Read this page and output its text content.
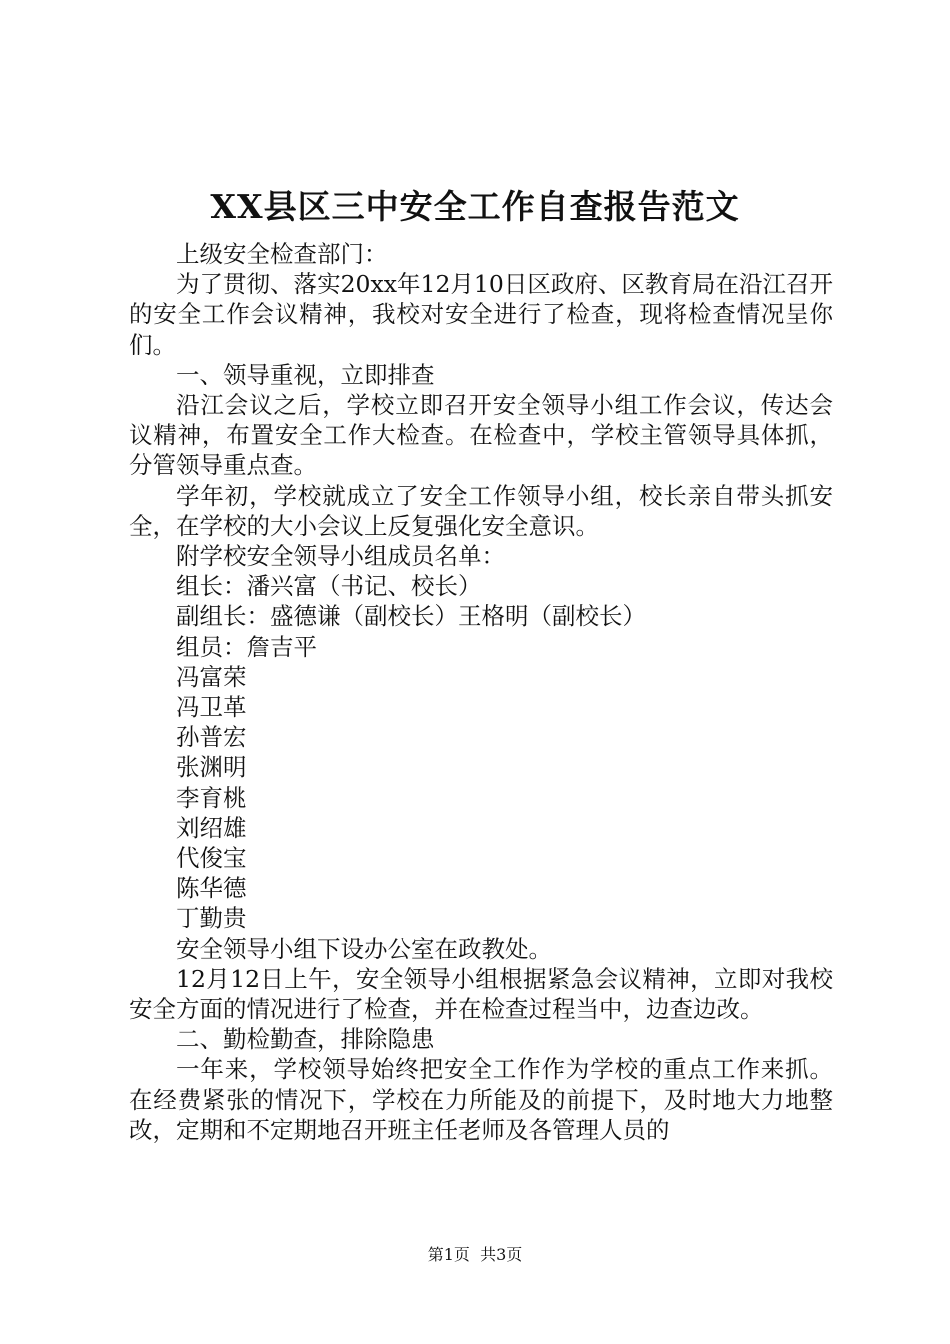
XX县区三中安全工作自查报告范文

上级安全检查部门：

为了贯彻、落实20xx年12月10日区政府、区教育局在沿江召开的安全工作会议精神，我校对安全进行了检查，现将检查情况呈你们。

一、领导重视，立即排查

沿江会议之后，学校立即召开安全领导小组工作会议，传达会议精神，布置安全工作大检查。在检查中，学校主管领导具体抓，分管领导重点查。

学年初，学校就成立了安全工作领导小组，校长亲自带头抓安全，在学校的大小会议上反复强化安全意识。

附学校安全领导小组成员名单：

组长：潘兴富（书记、校长）

副组长：盛德谦（副校长）王格明（副校长）

组员：詹吉平

冯富荣

冯卫革

孙普宏

张渊明

李育桃

刘绍雄

代俊宝

陈华德

丁勤贵

安全领导小组下设办公室在政教处。

12月12日上午，安全领导小组根据紧急会议精神，立即对我校安全方面的情况进行了检查，并在检查过程当中，边查边改。

二、勤检勤查，排除隐患

一年来，学校领导始终把安全工作作为学校的重点工作来抓。在经费紧张的情况下，学校在力所能及的前提下，及时地大力地整改，定期和不定期地召开班主任老师及各管理人员的

第1页  共3页
